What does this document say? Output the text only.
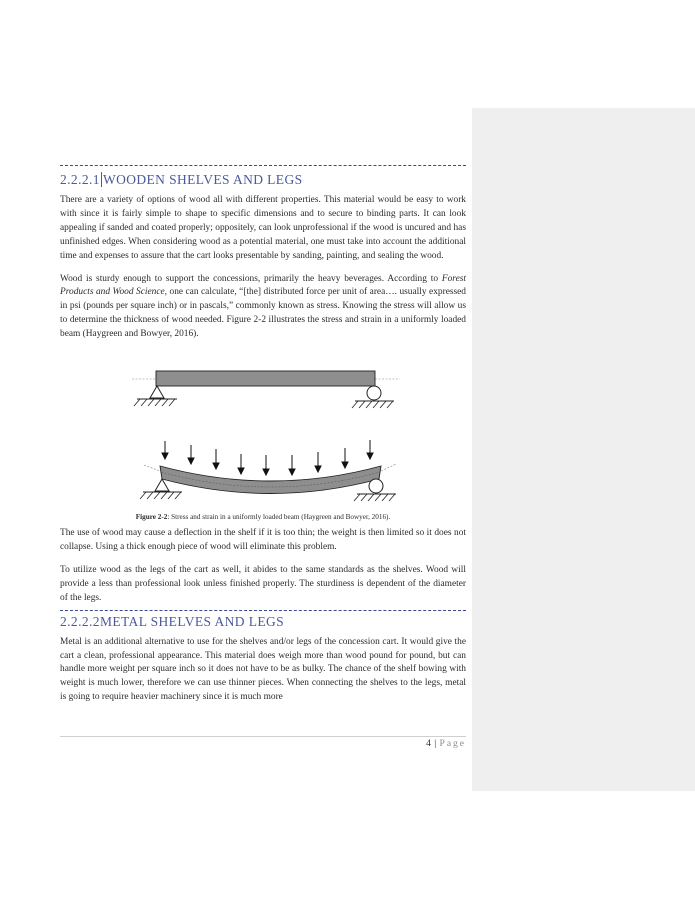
2.2.2.1 WOODEN SHELVES AND LEGS

There are a variety of options of wood all with different properties. This material would be easy to work with since it is fairly simple to shape to specific dimensions and to secure to binding parts. It can look appealing if sanded and coated properly; oppositely, can look unprofessional if the wood is uncured and has unfinished edges. When considering wood as a potential material, one must take into account the additional time and expenses to assure that the cart looks presentable by sanding, painting, and sealing the wood.

Wood is sturdy enough to support the concessions, primarily the heavy beverages. According to Forest Products and Wood Science, one can calculate, “[the] distributed force per unit of area…. usually expressed in psi (pounds per square inch) or in pascals,” commonly known as stress. Knowing the stress will allow us to determine the thickness of wood needed. Figure 2-2 illustrates the stress and strain in a uniformly loaded beam (Haygreen and Bowyer, 2016).

Figure 2-2: Stress and strain in a uniformly loaded beam (Haygreen and Bowyer, 2016).

The use of wood may cause a deflection in the shelf if it is too thin; the weight is then limited so it does not collapse. Using a thick enough piece of wood will eliminate this problem.

To utilize wood as the legs of the cart as well, it abides to the same standards as the shelves. Wood will provide a less than professional look unless finished properly. The sturdiness is dependent of the diameter of the legs.

2.2.2.2METAL SHELVES AND LEGS

Metal is an additional alternative to use for the shelves and/or legs of the concession cart. It would give the cart a clean, professional appearance. This material does weigh more than wood pound for pound, but can handle more weight per square inch so it does not have to be as bulky. The chance of the shelf bowing with weight is much lower, therefore we can use thinner pieces. When connecting the shelves to the legs, metal is going to require heavier machinery since it is much more

4 | Page
